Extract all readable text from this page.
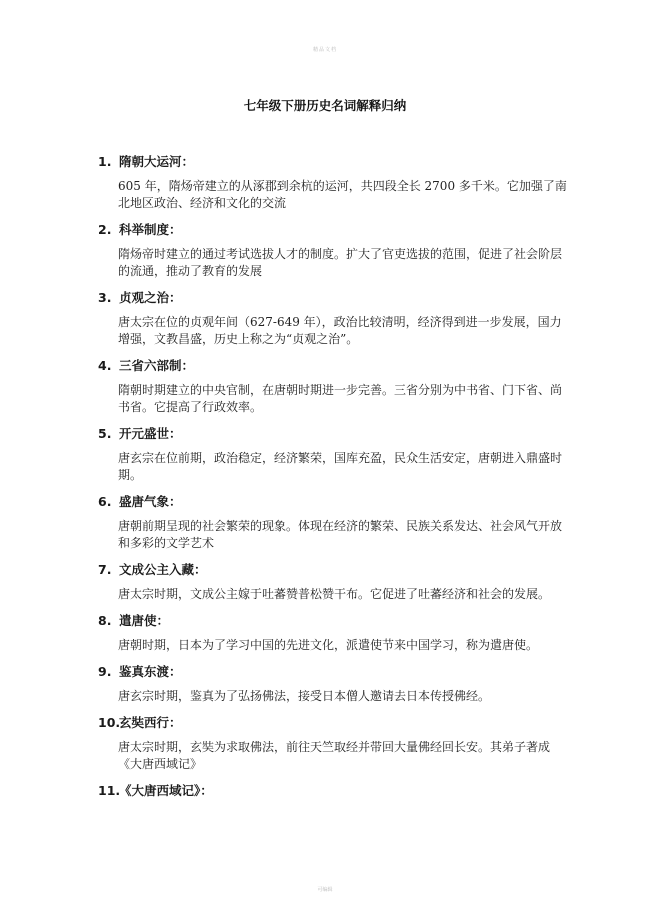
精品文档
七年级下册历史名词解释归纳
1. 隋朝大运河：
605 年，隋炀帝建立的从涿郡到余杭的运河，共四段全长 2700 多千米。它加强了南北地区政治、经济和文化的交流
2. 科举制度：
隋炀帝时建立的通过考试选拔人才的制度。扩大了官吏选拔的范围，促进了社会阶层的流通，推动了教育的发展
3. 贞观之治：
唐太宗在位的贞观年间（627-649 年），政治比较清明，经济得到进一步发展，国力增强，文教昌盛，历史上称之为“贞观之治”。
4. 三省六部制：
隋朝时期建立的中央官制，在唐朝时期进一步完善。三省分别为中书省、门下省、尚书省。它提高了行政效率。
5. 开元盛世：
唐玄宗在位前期，政治稳定，经济繁荣，国库充盈，民众生活安定，唐朝进入鼎盛时期。
6. 盛唐气象：
唐朝前期呈现的社会繁荣的现象。体现在经济的繁荣、民族关系发达、社会风气开放和多彩的文学艺术
7. 文成公主入藏：
唐太宗时期，文成公主嫁于吐蕃赞普松赞干布。它促进了吐蕃经济和社会的发展。
8. 遣唐使：
唐朝时期，日本为了学习中国的先进文化，派遣使节来中国学习，称为遣唐使。
9. 鉴真东渡：
唐玄宗时期，鉴真为了弘扬佛法，接受日本僧人邀请去日本传授佛经。
10.
玄奘西行：
唐太宗时期，玄奘为求取佛法，前往天竺取经并带回大量佛经回长安。其弟子著成《大唐西域记》
11.
《大唐西域记》：
可编辑
